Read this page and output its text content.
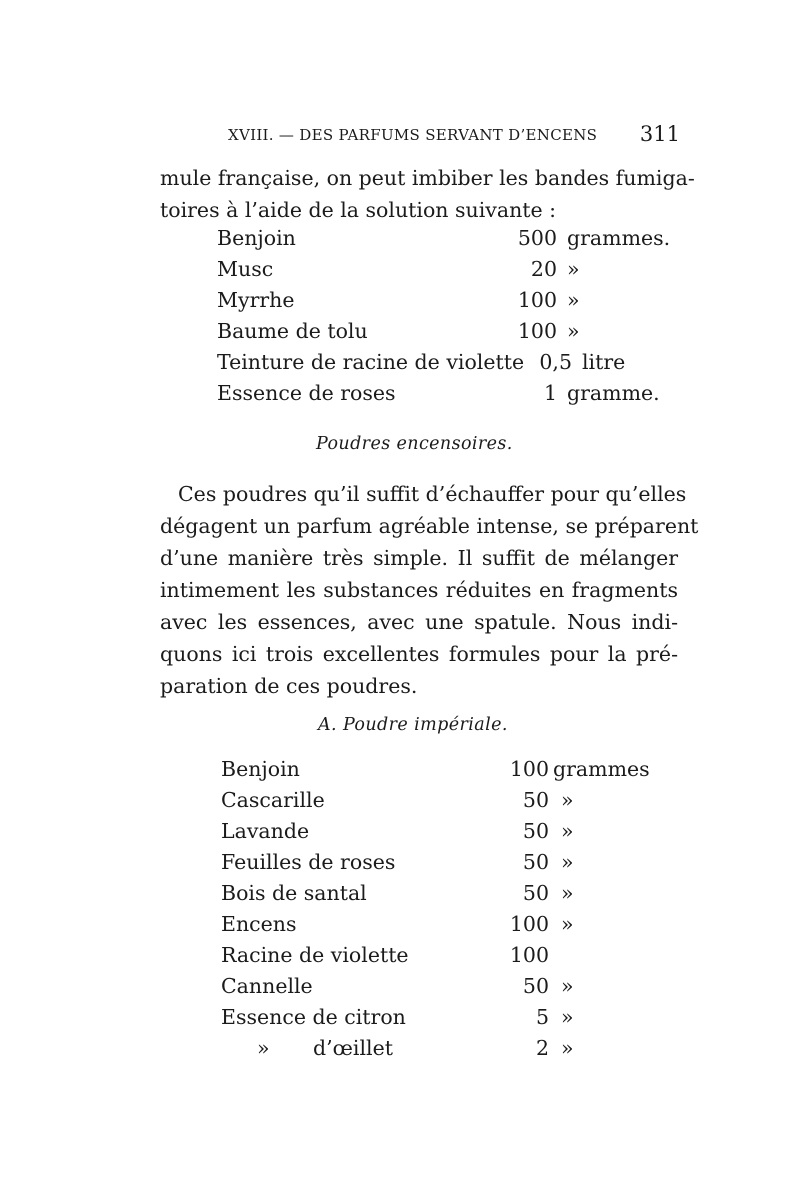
XVIII. — DES PARFUMS SERVANT D’ENCENS 311
mule française, on peut imbiber les bandes fumiga-
toires à l’aide de la solution suivante :
Benjoin	500 grammes.
Musc	20 »
Myrrhe	100 »
Baume de tolu	100 »
Teinture de racine de violette 0,5 litre
Essence de roses	1 gramme.
Poudres encensoires.
Ces poudres qu’il suffit d’échauffer pour qu’elles
dégagent un parfum agréable intense, se préparent
d’une manière très simple. Il suffit de mélanger
intimement les substances réduites en fragments
avec les essences, avec une spatule. Nous indi-
quons ici trois excellentes formules pour la pré-
paration de ces poudres.
A. Poudre impériale.
Benjoin	100 grammes
Cascarille	50 »
Lavande	50 »
Feuilles de roses	50 »
Bois de santal	50 »
Encens	100 »
Racine de violette	100
Cannelle	50 »
Essence de citron	5 »
» d’œillet	2 »
